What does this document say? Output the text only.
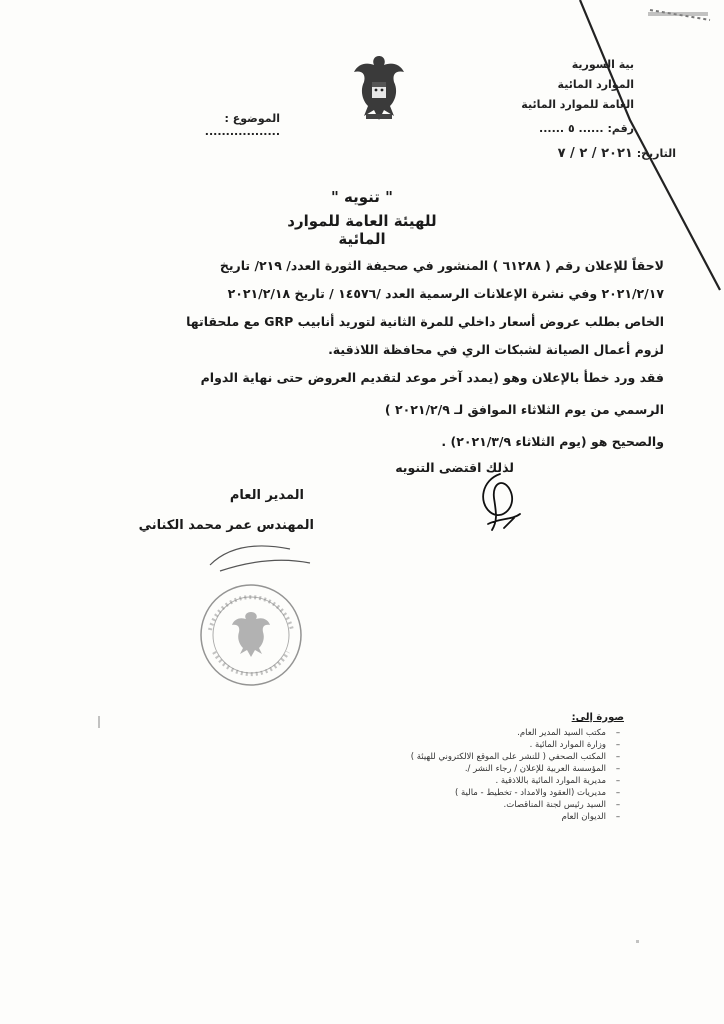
بية السورية
الموارد المائية
العامة للموارد المائية
رقم: ...... ٥ ......
التاريخ: ٢٠٢١ / ٢ / ٧
الموضوع : ..................
" تنويه "
للهيئة العامة للموارد المائية
لاحقاً للإعلان رقم ( ٦١٢٨٨ ) المنشور في صحيفة الثورة العدد/ ٢١٩/ تاريخ
٢٠٢١/٢/١٧ وفي نشرة الإعلانات الرسمية العدد /١٤٥٧٦ / تاريخ ٢٠٢١/٢/١٨
الخاص بطلب عروض أسعار داخلي للمرة الثانية لتوريد أنابيب GRP مع ملحقاتها
لزوم أعمال الصيانة لشبكات الري في محافظة اللاذقية.
فقد ورد خطأ بالإعلان وهو (يمدد آخر موعد لتقديم العروض حتى نهاية الدوام
الرسمي من يوم الثلاثاء الموافق لـ ٢٠٢١/٢/٩ )
والصحيح هو (يوم الثلاثاء ٢٠٢١/٣/٩) .
لذلك اقتضى التنويه
المدير العام
المهندس عمر محمد الكناني
صورة إلى:
–مكتب السيد المدير العام.
–وزارة الموارد المائية .
–المكتب الصحفي ( للنشر على الموقع الالكتروني للهيئة )
–المؤسسة العربية للإعلان / رجاء النشر /.
–مديرية الموارد المائية باللاذقية .
–مديريات (العقود والامداد - تخطيط - مالية )
–السيد رئيس لجنة المناقصات.
–الديوان العام
